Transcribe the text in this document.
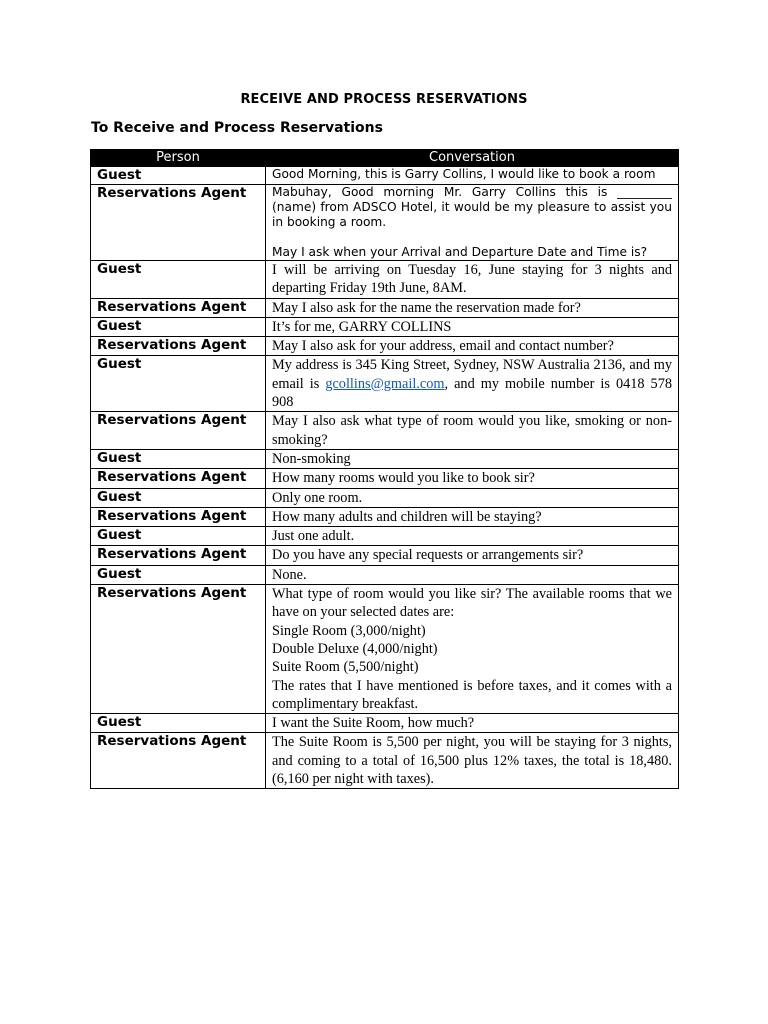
RECEIVE AND PROCESS RESERVATIONS
To Receive and Process Reservations
Person	Conversation
Guest	Good Morning, this is Garry Collins, I would like to book a room

Reservations Agent	Mabuhay, Good morning Mr. Garry Collins this is _________ (name) from ADSCO Hotel, it would be my pleasure to assist you in booking a room.
May I ask when your Arrival and Departure Date and Time is?

Guest	I will be arriving on Tuesday 16, June staying for 3 nights and departing Friday 19th June, 8AM.

Reservations Agent	May I also ask for the name the reservation made for?

Guest	It’s for me, GARRY COLLINS

Reservations Agent	May I also ask for your address, email and contact number?

Guest	My address is 345 King Street, Sydney, NSW Australia 2136, and my email is gcollins@gmail.com, and my mobile number is 0418 578 908
Reservations Agent	May I also ask what type of room would you like, smoking or non-smoking?

Guest	Non-smoking

Reservations Agent	How many rooms would you like to book sir?

Guest	Only one room.

Reservations Agent	How many adults and children will be staying?

Guest	Just one adult.

Reservations Agent	Do you have any special requests or arrangements sir?

Guest	None.

Reservations Agent	What type of room would you like sir? The available rooms that we have on your selected dates are:
Single Room (3,000/night)
Double Deluxe (4,000/night)
Suite Room (5,500/night)
The rates that I have mentioned is before taxes, and it comes with a complimentary breakfast.

Guest	I want the Suite Room, how much?

Reservations Agent	The Suite Room is 5,500 per night, you will be staying for 3 nights, and coming to a total of 16,500 plus 12% taxes, the total is 18,480. (6,160 per night with taxes).
